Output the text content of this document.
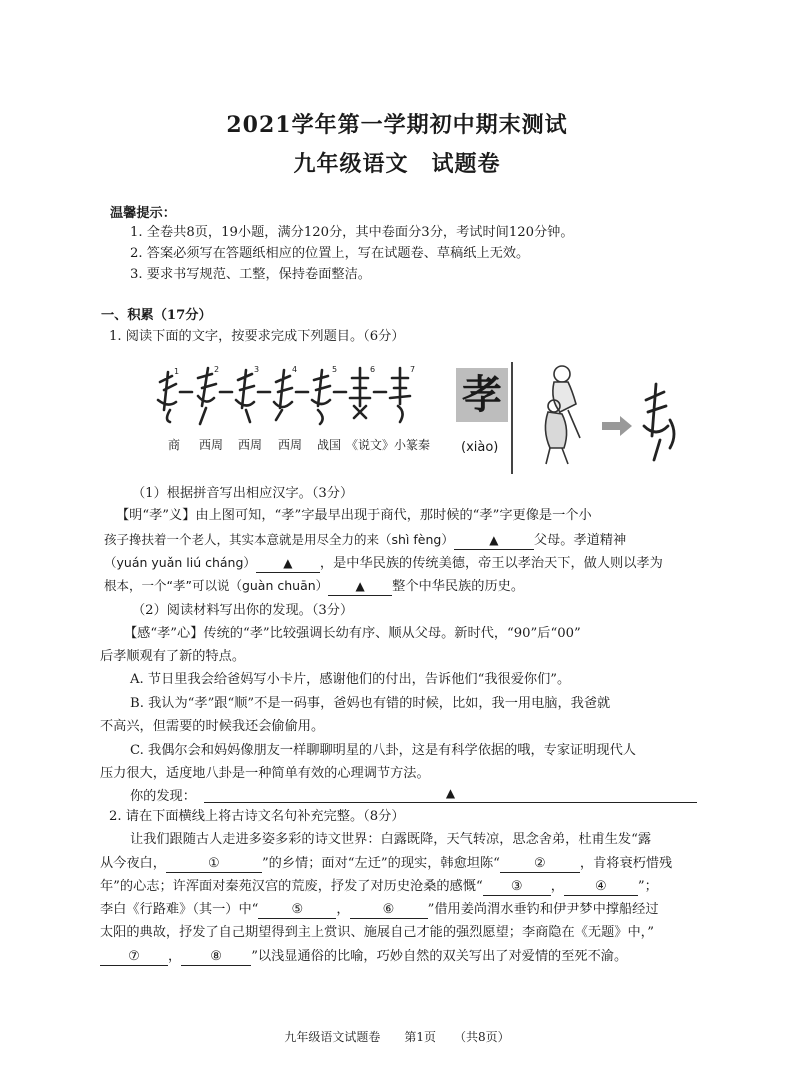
2021学年第一学期初中期末测试
九年级语文　试题卷
温馨提示：
1. 全卷共8页，19小题，满分120分，其中卷面分3分，考试时间120分钟。
2. 答案必须写在答题纸相应的位置上，写在试题卷、草稿纸上无效。
3. 要求书写规范、工整，保持卷面整洁。
一、积累（17分）
1. 阅读下面的文字，按要求完成下列题目。（6分）
1	2	3	4	5	6	7
商 西周 西周 西周 战国 《说文》小篆 秦
孝
(xiào)
（1）根据拼音写出相应汉字。（3分）
【明“孝”义】由上图可知，“孝”字最早出现于商代，那时候的“孝”字更像是一个小
孩子搀扶着一个老人，其实本意就是用尽全力的来（shì fèng）	▲	父母。孝道精神
（yuán yuǎn liú cháng） ▲ ，是中华民族的传统美德，帝王以孝治天下，做人则以孝为
根本，一个“孝”可以说（guàn chuān） ▲ 整个中华民族的历史。
（2）阅读材料写出你的发现。（3分）
【感“孝”心】传统的“孝”比较强调长幼有序、顺从父母。新时代，“90”后“00”
后孝顺观有了新的特点。
A. 节日里我会给爸妈写小卡片，感谢他们的付出，告诉他们“我很爱你们”。
B. 我认为“孝”跟“顺”不是一码事，爸妈也有错的时候，比如，我一用电脑，我爸就
不高兴，但需要的时候我还会偷偷用。
C. 我偶尔会和妈妈像朋友一样聊聊明星的八卦，这是有科学依据的哦，专家证明现代人
压力很大，适度地八卦是一种简单有效的心理调节方法。
你的发现：	▲
2. 请在下面横线上将古诗文名句补充完整。（8分）
让我们跟随古人走进多姿多彩的诗文世界：白露既降，天气转凉，思念舍弟，杜甫生发“露
从今夜白，	①	”的乡情；面对“左迁”的现实，韩愈坦陈“	②	，肯将衰朽惜残
年”的心志；许浑面对秦苑汉宫的荒废，抒发了对历史沧桑的感慨“ ③ ， ④ ”；
李白《行路难》（其一）中“	⑤	，	⑥	”借用姜尚渭水垂钓和伊尹梦中撑船经过
太阳的典故，抒发了自己期望得到主上赏识、施展自己才能的强烈愿望；李商隐在《无题》中，”
⑦ ， ⑧ ”以浅显通俗的比喻，巧妙自然的双关写出了对爱情的至死不渝。
九年级语文试题卷　　第1页　　（共8页）
